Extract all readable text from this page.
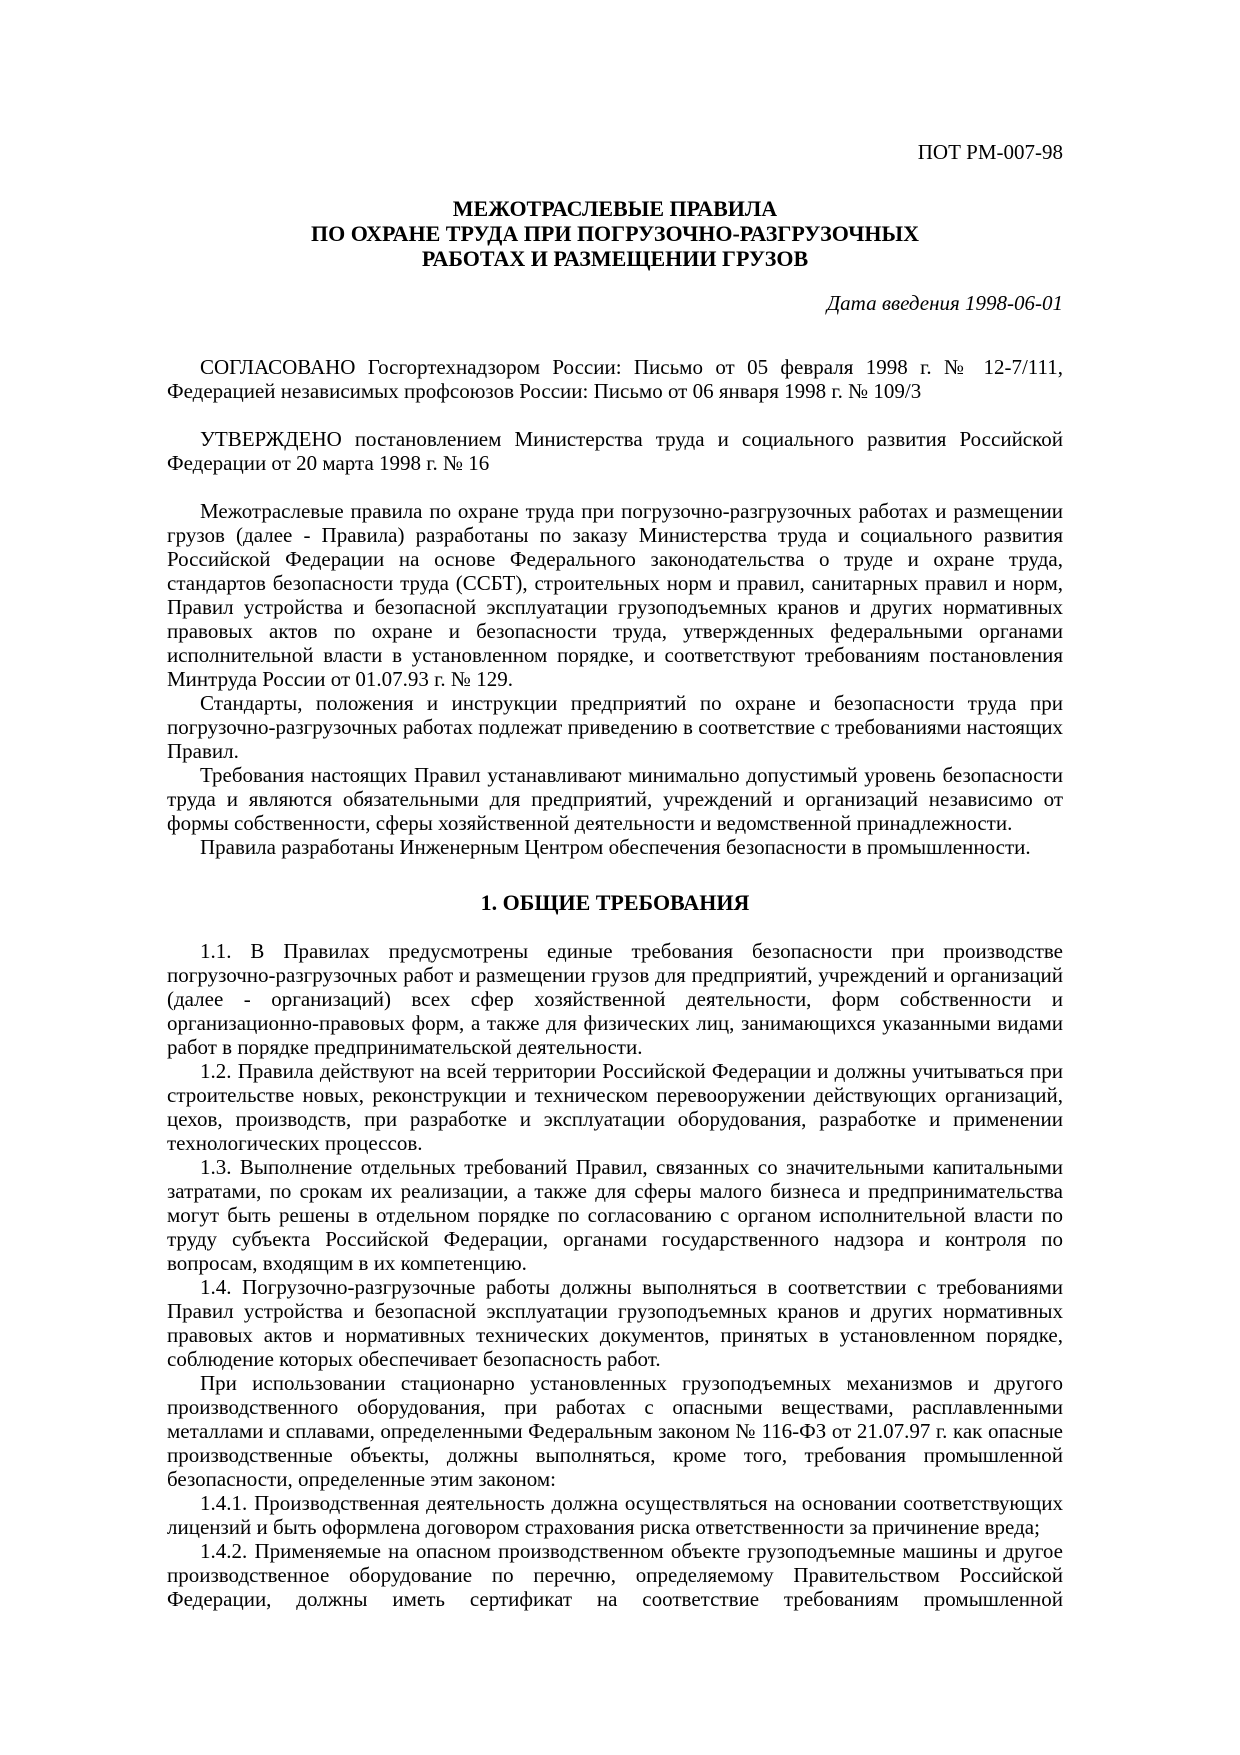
ПОТ РМ-007-98
МЕЖОТРАСЛЕВЫЕ ПРАВИЛА
ПО ОХРАНЕ ТРУДА ПРИ ПОГРУЗОЧНО-РАЗГРУЗОЧНЫХ
РАБОТАХ И РАЗМЕЩЕНИИ ГРУЗОВ
Дата введения 1998-06-01

СОГЛАСОВАНО Госгортехнадзором России: Письмо от 05 февраля 1998 г. № 12-7/111, Федерацией независимых профсоюзов России: Письмо от 06 января 1998 г. № 109/3

УТВЕРЖДЕНО постановлением Министерства труда и социального развития Российской Федерации от 20 марта 1998 г. № 16

Межотраслевые правила по охране труда при погрузочно-разгрузочных работах и размещении грузов (далее - Правила) разработаны по заказу Министерства труда и социального развития Российской Федерации на основе Федерального законодательства о труде и охране труда, стандартов безопасности труда (ССБТ), строительных норм и правил, санитарных правил и норм, Правил устройства и безопасной эксплуатации грузоподъемных кранов и других нормативных правовых актов по охране и безопасности труда, утвержденных федеральными органами исполнительной власти в установленном порядке, и соответствуют требованиям постановления Минтруда России от 01.07.93 г. № 129.

Стандарты, положения и инструкции предприятий по охране и безопасности труда при погрузочно-разгрузочных работах подлежат приведению в соответствие с требованиями настоящих Правил.

Требования настоящих Правил устанавливают минимально допустимый уровень безопасности труда и являются обязательными для предприятий, учреждений и организаций независимо от формы собственности, сферы хозяйственной деятельности и ведомственной принадлежности.

Правила разработаны Инженерным Центром обеспечения безопасности в промышленности.

1. ОБЩИЕ ТРЕБОВАНИЯ

1.1. В Правилах предусмотрены единые требования безопасности при производстве погрузочно-разгрузочных работ и размещении грузов для предприятий, учреждений и организаций (далее - организаций) всех сфер хозяйственной деятельности, форм собственности и организационно-правовых форм, а также для физических лиц, занимающихся указанными видами работ в порядке предпринимательской деятельности.

1.2. Правила действуют на всей территории Российской Федерации и должны учитываться при строительстве новых, реконструкции и техническом перевооружении действующих организаций, цехов, производств, при разработке и эксплуатации оборудования, разработке и применении технологических процессов.

1.3. Выполнение отдельных требований Правил, связанных со значительными капитальными затратами, по срокам их реализации, а также для сферы малого бизнеса и предпринимательства могут быть решены в отдельном порядке по согласованию с органом исполнительной власти по труду субъекта Российской Федерации, органами государственного надзора и контроля по вопросам, входящим в их компетенцию.

1.4. Погрузочно-разгрузочные работы должны выполняться в соответствии с требованиями Правил устройства и безопасной эксплуатации грузоподъемных кранов и других нормативных правовых актов и нормативных технических документов, принятых в установленном порядке, соблюдение которых обеспечивает безопасность работ.

При использовании стационарно установленных грузоподъемных механизмов и другого производственного оборудования, при работах с опасными веществами, расплавленными металлами и сплавами, определенными Федеральным законом № 116-ФЗ от 21.07.97 г. как опасные производственные объекты, должны выполняться, кроме того, требования промышленной безопасности, определенные этим законом:

1.4.1. Производственная деятельность должна осуществляться на основании соответствующих лицензий и быть оформлена договором страхования риска ответственности за причинение вреда;

1.4.2. Применяемые на опасном производственном объекте грузоподъемные машины и другое производственное оборудование по перечню, определяемому Правительством Российской Федерации, должны иметь сертификат на соответствие требованиям промышленной
